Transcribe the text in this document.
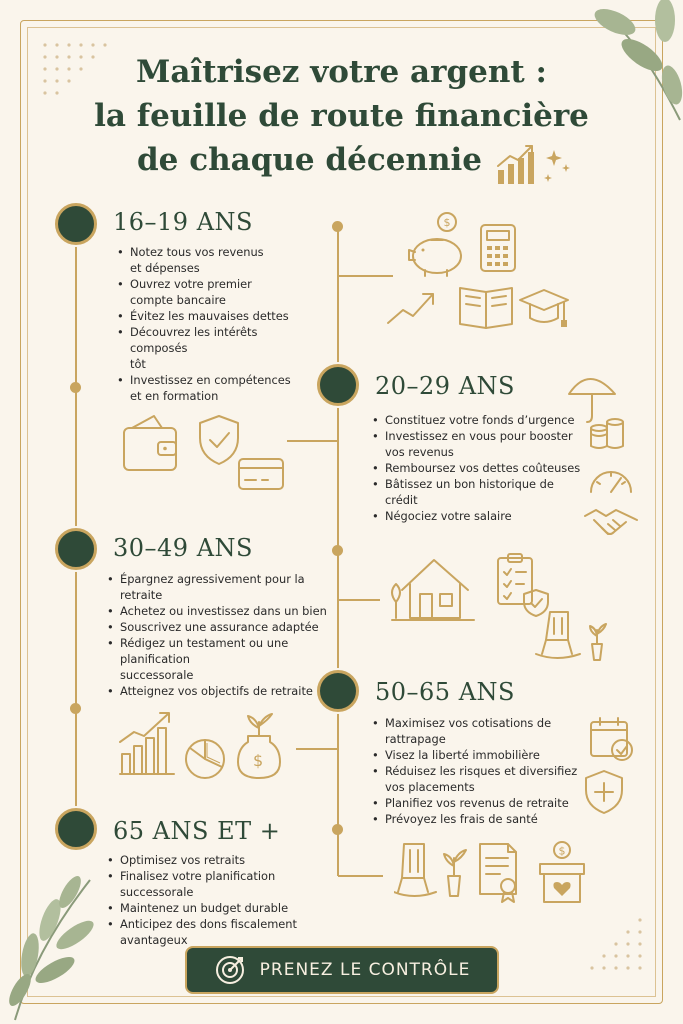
Maîtrisez votre argent :
la feuille de route financière
de chaque décennie
16–19 ANS
• Notez tous vos revenus
et dépenses
• Ouvrez votre premier
compte bancaire
• Évitez les mauvaises dettes
• Découvrez les intérêts composés
tôt
• Investissez en compétences
et en formation
$
20–29 ANS
• Constituez votre fonds d’urgence
• Investissez en vous pour booster
vos revenus
• Remboursez vos dettes coûteuses
• Bâtissez un bon historique de crédit
• Négociez votre salaire
30–49 ANS
• Épargnez agressivement pour la retraite
• Achetez ou investissez dans un bien
• Souscrivez une assurance adaptée
• Rédigez un testament ou une planification
successorale
• Atteignez vos objectifs de retraite	50–65 ANS
• Maximisez vos cotisations de rattrapage
• Visez la liberté immobilière
• Réduisez les risques et diversifiez
vos placements
• Planifiez vos revenus de retraite
• Prévoyez les frais de santé
$
65 ANS ET +
• Optimisez vos retraits
• Finalisez votre planification successorale
• Maintenez un budget durable
• Anticipez des dons fiscalement
avantageux
$
PRENEZ LE CONTRÔLE
